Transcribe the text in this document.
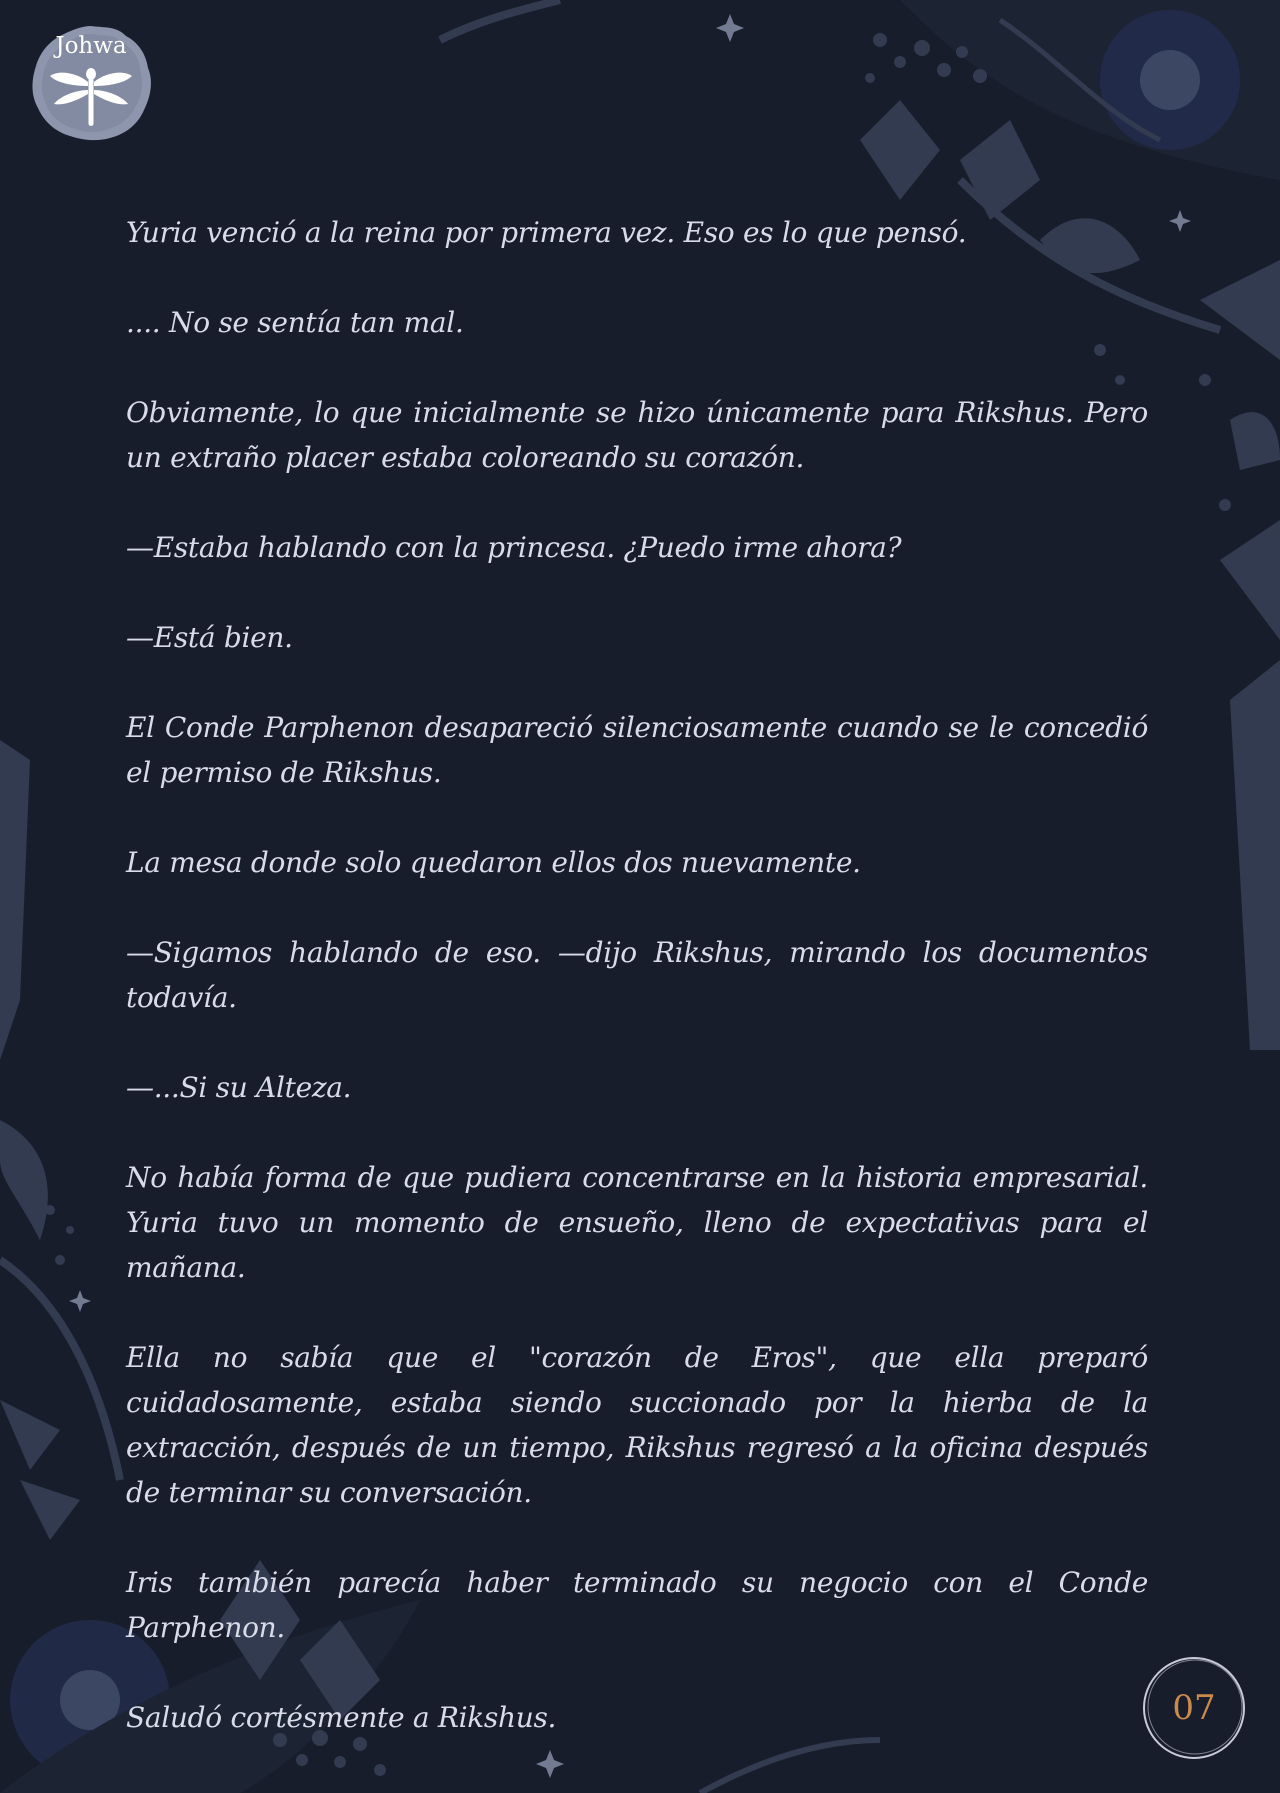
Johwa

Yuria venció a la reina por primera vez. Eso es lo que pensó.

.... No se sentía tan mal.

Obviamente, lo que inicialmente se hizo únicamente para Rikshus. Pero un extraño placer estaba coloreando su corazón.

—Estaba hablando con la princesa. ¿Puedo irme ahora?

—Está bien.

El Conde Parphenon desapareció silenciosamente cuando se le concedió el permiso de Rikshus.

La mesa donde solo quedaron ellos dos nuevamente.

—Sigamos hablando de eso. —dijo Rikshus, mirando los documentos todavía.

—...Si su Alteza.

No había forma de que pudiera concentrarse en la historia empresarial. Yuria tuvo un momento de ensueño, lleno de expectativas para el mañana.

Ella no sabía que el "corazón de Eros", que ella preparó cuidadosamente, estaba siendo succionado por la hierba de la extracción, después de un tiempo, Rikshus regresó a la oficina después de terminar su conversación.

Iris también parecía haber terminado su negocio con el Conde Parphenon.

Saludó cortésmente a Rikshus.	07
